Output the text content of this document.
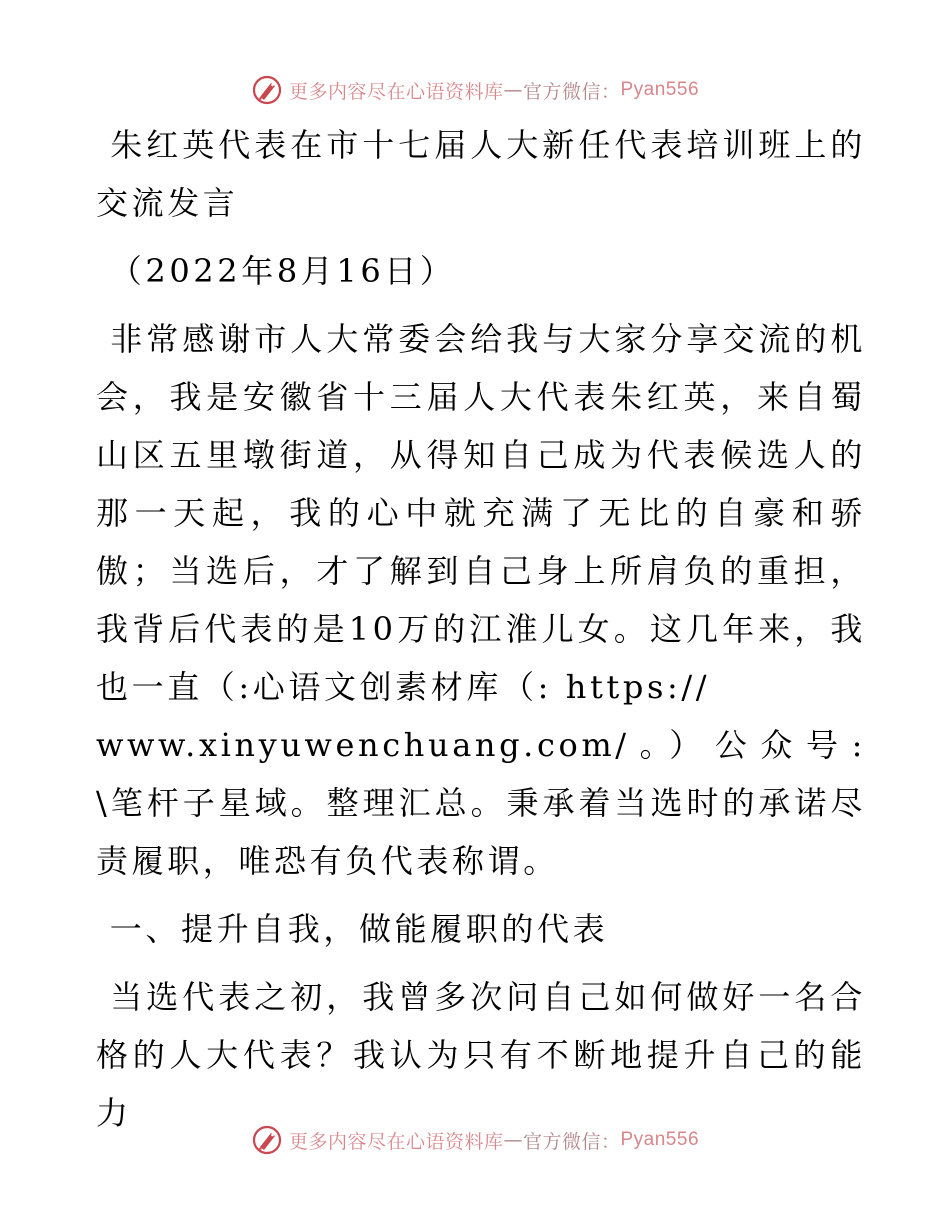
更多内容尽在心语资料库 — 官方微信： Pyan556

朱红英代表在市十七届人大新任代表培训班上的交流发言

（2022年8月16日）

非常感谢市人大常委会给我与大家分享交流的机会，我是安徽省十三届人大代表朱红英，来自蜀山区五里墩街道，从得知自己成为代表候选人的那一天起，我的心中就充满了无比的自豪和骄傲；当选后，才了解到自己身上所肩负的重担，我背后代表的是10万的江淮儿女。这几年来，我也一直（:心语文创素材库（: https://
www.xinyuwenchuang.com/。）公众号: \笔杆子星域。整理汇总。秉承着当选时的承诺尽责履职，唯恐有负代表称谓。

一、提升自我，做能履职的代表

当选代表之初，我曾多次问自己如何做好一名合格的人大代表？我认为只有不断地提升自己的能力

更多内容尽在心语资料库 — 官方微信： Pyan556
